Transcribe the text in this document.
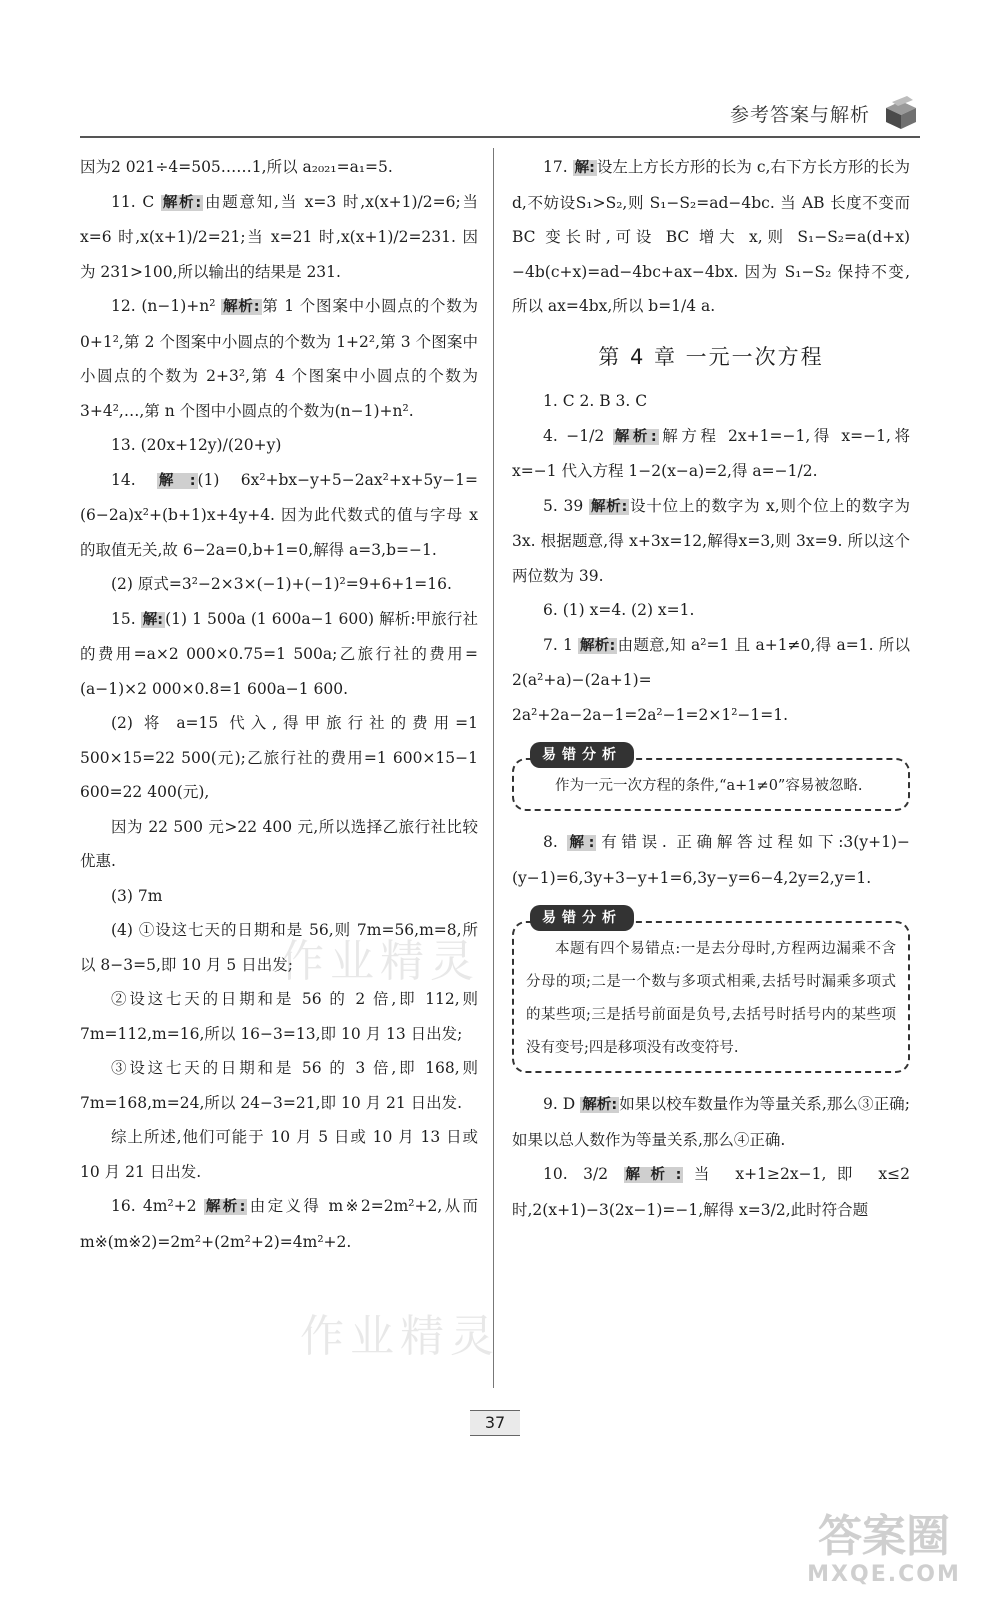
参考答案与解析

因为2 021÷4=505……1,所以 a₂₀₂₁=a₁=5.

11. C 解析: 由题意知,当 x=3 时,x(x+1)/2=6;当 x=6 时,x(x+1)/2=21;当 x=21 时,x(x+1)/2=231. 因为 231>100,所以输出的结果是 231.

12. (n−1)+n² 解析: 第 1 个图案中小圆点的个数为 0+1²,第 2 个图案中小圆点的个数为 1+2²,第 3 个图案中小圆点的个数为 2+3²,第 4 个图案中小圆点的个数为 3+4²,…,第 n 个图中小圆点的个数为(n−1)+n².

13. (20x+12y)/(20+y)

14. 解: (1) 6x²+bx−y+5−2ax²+x+5y−1=(6−2a)x²+(b+1)x+4y+4. 因为此代数式的值与字母 x 的取值无关,故 6−2a=0,b+1=0,解得 a=3,b=−1.

(2) 原式=3²−2×3×(−1)+(−1)²=9+6+1=16.

15. 解: (1) 1 500a (1 600a−1 600) 解析:甲旅行社的费用=a×2 000×0.75=1 500a;乙旅行社的费用=(a−1)×2 000×0.8=1 600a−1 600.

(2) 将 a=15 代入,得甲旅行社的费用=1 500×15=22 500(元);乙旅行社的费用=1 600×15−1 600=22 400(元),

因为 22 500 元>22 400 元,所以选择乙旅行社比较优惠.

(3) 7m

(4) ①设这七天的日期和是 56,则 7m=56,m=8,所以 8−3=5,即 10 月 5 日出发;

②设这七天的日期和是 56 的 2 倍,即 112,则 7m=112,m=16,所以 16−3=13,即 10 月 13 日出发;

③设这七天的日期和是 56 的 3 倍,即 168,则 7m=168,m=24,所以 24−3=21,即 10 月 21 日出发.

综上所述,他们可能于 10 月 5 日或 10 月 13 日或 10 月 21 日出发.

16. 4m²+2 解析: 由定义得 m※2=2m²+2,从而 m※(m※2)=2m²+(2m²+2)=4m²+2.

17. 解: 设左上方长方形的长为 c,右下方长方形的长为 d,不妨设S₁>S₂,则 S₁−S₂=ad−4bc. 当 AB 长度不变而 BC 变长时,可设 BC 增大 x,则 S₁−S₂=a(d+x)−4b(c+x)=ad−4bc+ax−4bx. 因为 S₁−S₂ 保持不变,所以 ax=4bx,所以 b=1/4 a.

第 4 章 一元一次方程

1. C 2. B 3. C

4. −1/2 解析: 解方程 2x+1=−1,得 x=−1,将 x=−1 代入方程 1−2(x−a)=2,得 a=−1/2.

5. 39 解析: 设十位上的数字为 x,则个位上的数字为 3x. 根据题意,得 x+3x=12,解得x=3,则 3x=9. 所以这个两位数为 39.

6. (1) x=4. (2) x=1.

7. 1 解析: 由题意,知 a²=1 且 a+1≠0,得 a=1. 所以 2(a²+a)−(2a+1)= 2a²+2a−2a−1=2a²−1=2×1²−1=1.

易错分析

作为一元一次方程的条件,“a+1≠0”容易被忽略.

8. 解: 有错误. 正确解答过程如下:3(y+1)−(y−1)=6,3y+3−y+1=6,3y−y=6−4,2y=2,y=1.

易错分析

本题有四个易错点:一是去分母时,方程两边漏乘不含分母的项;二是一个数与多项式相乘,去括号时漏乘多项式的某些项;三是括号前面是负号,去括号时括号内的某些项没有变号;四是移项没有改变符号.

9. D 解析: 如果以校车数量作为等量关系,那么③正确;如果以总人数作为等量关系,那么④正确.

10. 3/2 解析: 当 x+1≥2x−1,即 x≤2 时,2(x+1)−3(2x−1)=−1,解得 x=3/2,此时符合题

作业精灵
作业精灵
37
答案圈
MXQE.COM
